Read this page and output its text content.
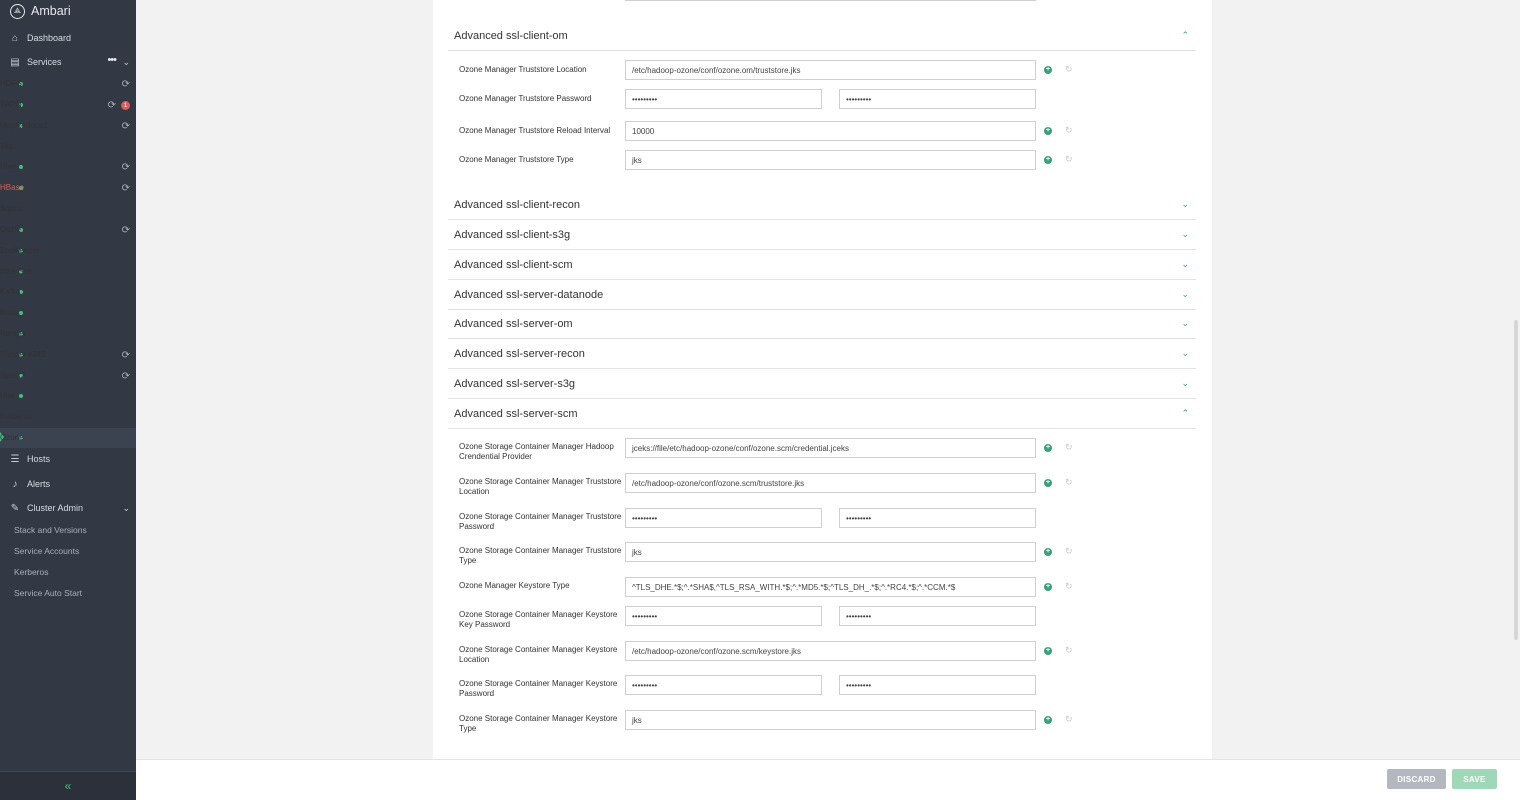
⟁ Ambari
⌂ Dashboard
▤ Services	••• ⌄
HDFS	⟳
YARN	⟳	1
MapReduce2	⟳
Tez
Hive	⟳
HBase	⟳
Sqoop
Oozie	⟳
ZooKeeper
Infra Solr
Kafka
Knox
Ranger
Ranger KMS	⟳
Spark2	⟳
Hue
Kerberos
Ozone
☰ Hosts
♪ Alerts
✎ Cluster Admin	⌄
Stack and Versions
Service Accounts
Kerberos
Service Auto Start
«
Advanced ssl-client-om	⌃
Ozone Manager Truststore Location	/etc/hadoop-ozone/conf/ozone.om/truststore.jks	+ ↻
Ozone Manager Truststore Password	•••••••••	•••••••••
Ozone Manager Truststore Reload Interval	10000	+ ↻
Ozone Manager Truststore Type	jks	+ ↻
Advanced ssl-client-recon	⌄
Advanced ssl-client-s3g	⌄
Advanced ssl-client-scm	⌄
Advanced ssl-server-datanode	⌄
Advanced ssl-server-om	⌄
Advanced ssl-server-recon	⌄
Advanced ssl-server-s3g	⌄
Advanced ssl-server-scm	⌃
Ozone Storage Container Manager Hadoop Crendential Provider
jceks://file/etc/hadoop-ozone/conf/ozone.scm/credential.jceks	+ ↻
Ozone Storage Container Manager Truststore Location
/etc/hadoop-ozone/conf/ozone.scm/truststore.jks	+ ↻
Ozone Storage Container Manager Truststore Password
•••••••••	•••••••••
Ozone Storage Container Manager Truststore Type
jks	+ ↻
Ozone Manager Keystore Type	^TLS_DHE.*$;^.*SHA$,^TLS_RSA_WITH.*$;^.*MD5.*$;^TLS_DH_.*$;^.*RC4.*$;^.*CCM.*$	+ ↻
Ozone Storage Container Manager Keystore Key Password
•••••••••	•••••••••
Ozone Storage Container Manager Keystore Location
/etc/hadoop-ozone/conf/ozone.scm/keystore.jks	+ ↻
Ozone Storage Container Manager Keystore Password
•••••••••	•••••••••
Ozone Storage Container Manager Keystore Type
jks	+ ↻
DISCARD	SAVE
